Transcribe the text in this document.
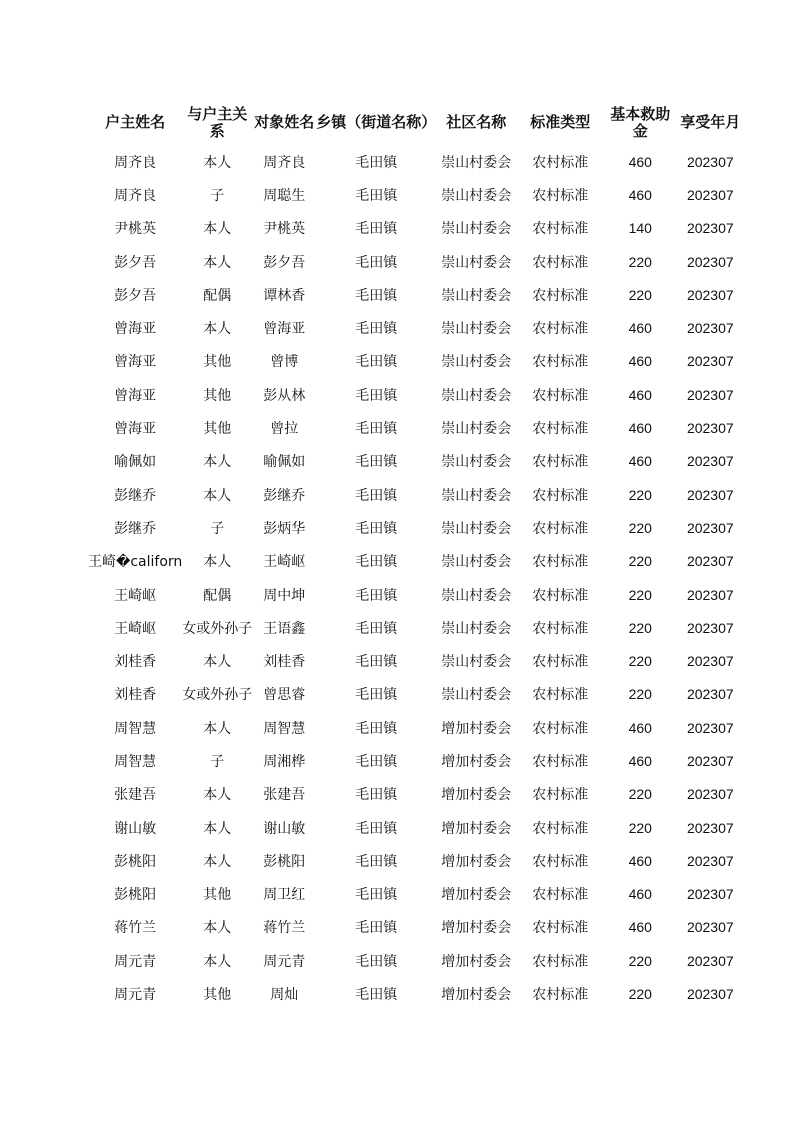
户主姓名	与户主关系	对象姓名	乡镇（街道名称）	社区名称	标准类型	基本救助金	享受年月
周齐良	本人	周齐良	毛田镇	崇山村委会	农村标准	460	202307
周齐良	子	周聪生	毛田镇	崇山村委会	农村标准	460	202307
尹桃英	本人	尹桃英	毛田镇	崇山村委会	农村标准	140	202307
彭夕吾	本人	彭夕吾	毛田镇	崇山村委会	农村标准	220	202307
彭夕吾	配偶	谭林香	毛田镇	崇山村委会	农村标准	220	202307
曾海亚	本人	曾海亚	毛田镇	崇山村委会	农村标准	460	202307
曾海亚	其他	曾博	毛田镇	崇山村委会	农村标准	460	202307
曾海亚	其他	彭从林	毛田镇	崇山村委会	农村标准	460	202307
曾海亚	其他	曾拉	毛田镇	崇山村委会	农村标准	460	202307
喻佩如	本人	喻佩如	毛田镇	崇山村委会	农村标准	460	202307
彭继乔	本人	彭继乔	毛田镇	崇山村委会	农村标准	220	202307
彭继乔	子	彭炳华	毛田镇	崇山村委会	农村标准	220	202307
王崎�californ	本人	王崎岖	毛田镇	崇山村委会	农村标准	220	202307
王崎岖	配偶	周中坤	毛田镇	崇山村委会	农村标准	220	202307
王崎岖	女或外孙子	王语鑫	毛田镇	崇山村委会	农村标准	220	202307
刘桂香	本人	刘桂香	毛田镇	崇山村委会	农村标准	220	202307
刘桂香	女或外孙子	曾思睿	毛田镇	崇山村委会	农村标准	220	202307
周智慧	本人	周智慧	毛田镇	增加村委会	农村标准	460	202307
周智慧	子	周湘桦	毛田镇	增加村委会	农村标准	460	202307
张建吾	本人	张建吾	毛田镇	增加村委会	农村标准	220	202307
谢山敏	本人	谢山敏	毛田镇	增加村委会	农村标准	220	202307
彭桃阳	本人	彭桃阳	毛田镇	增加村委会	农村标准	460	202307
彭桃阳	其他	周卫红	毛田镇	增加村委会	农村标准	460	202307
蒋竹兰	本人	蒋竹兰	毛田镇	增加村委会	农村标准	460	202307
周元青	本人	周元青	毛田镇	增加村委会	农村标准	220	202307
周元青	其他	周灿	毛田镇	增加村委会	农村标准	220	202307
